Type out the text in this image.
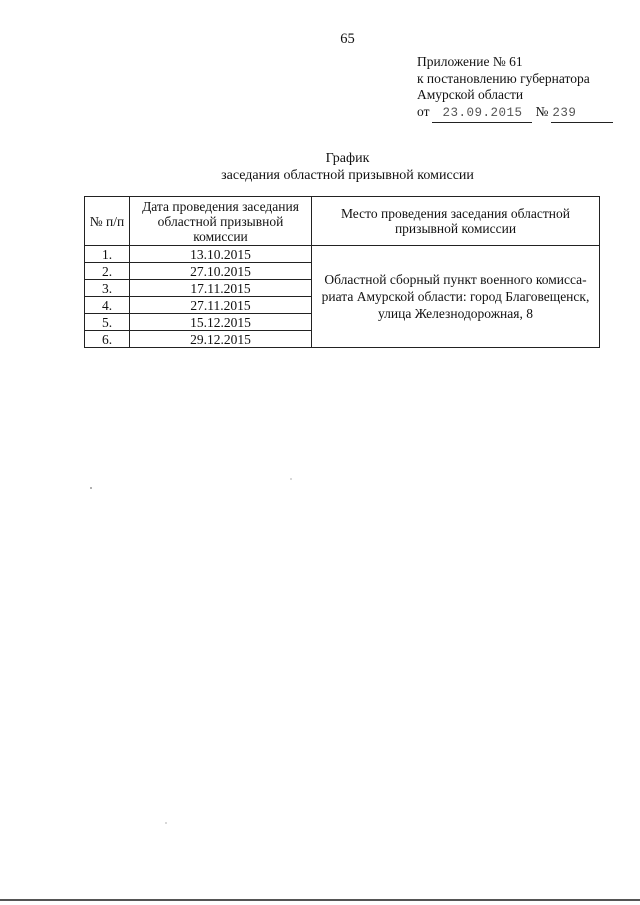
65
Приложение № 61
к постановлению губернатора
Амурской области
от	23.09.2015 № 239
График
заседания областной призывной комиссии
№ п/п	Дата проведения заседания областной призывной комиссии	Место проведения заседания областной призывной комиссии
1.	13.10.2015	Областной сборный пункт военного комисса-риата Амурской области: город Благовещенск, улица Железнодорожная, 8
2.	27.10.2015	
3.	17.11.2015	
4.	27.11.2015	
5.	15.12.2015	
6.	29.12.2015	
